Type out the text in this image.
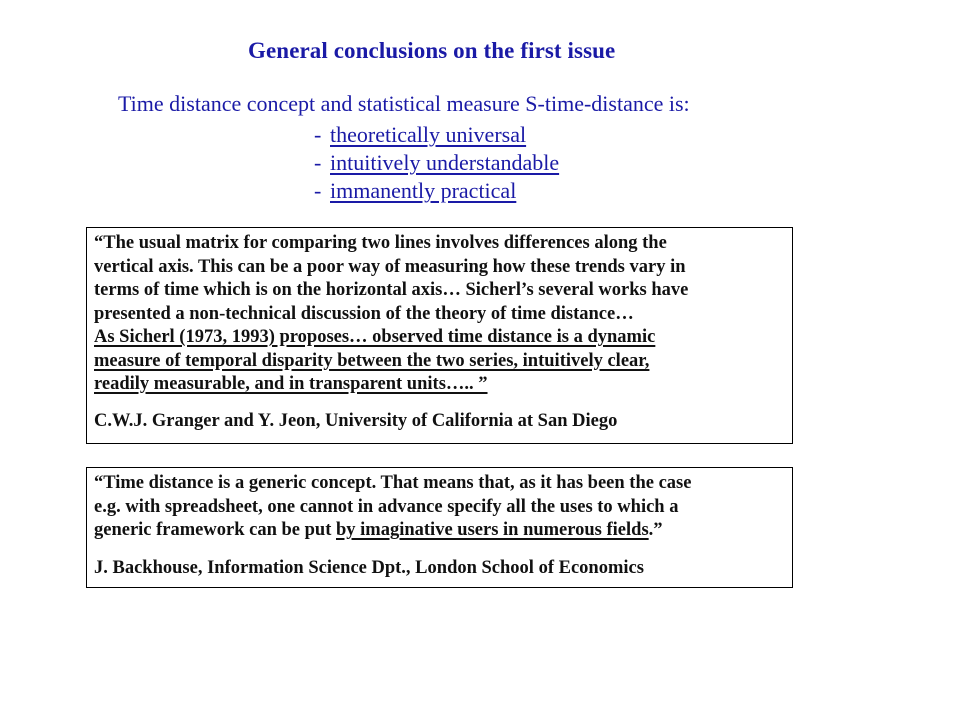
General conclusions on the first issue
Time distance concept and statistical measure S-time-distance is:
- theoretically universal
- intuitively understandable
- immanently practical

“The usual matrix for comparing two lines involves differences along the

vertical axis. This can be a poor way of measuring how these trends vary in

terms of time which is on the horizontal axis… Sicherl’s several works have

presented a non-technical discussion of the theory of time distance…

As Sicherl (1973, 1993) proposes… observed time distance is a dynamic

measure of temporal disparity between the two series, intuitively clear,

readily measurable, and in transparent units….. ”

C.W.J. Granger and Y. Jeon, University of California at San Diego

“Time distance is a generic concept. That means that, as it has been the case

e.g. with spreadsheet, one cannot in advance specify all the uses to which a

generic framework can be put by imaginative users in numerous fields.”

J. Backhouse, Information Science Dpt., London School of Economics
